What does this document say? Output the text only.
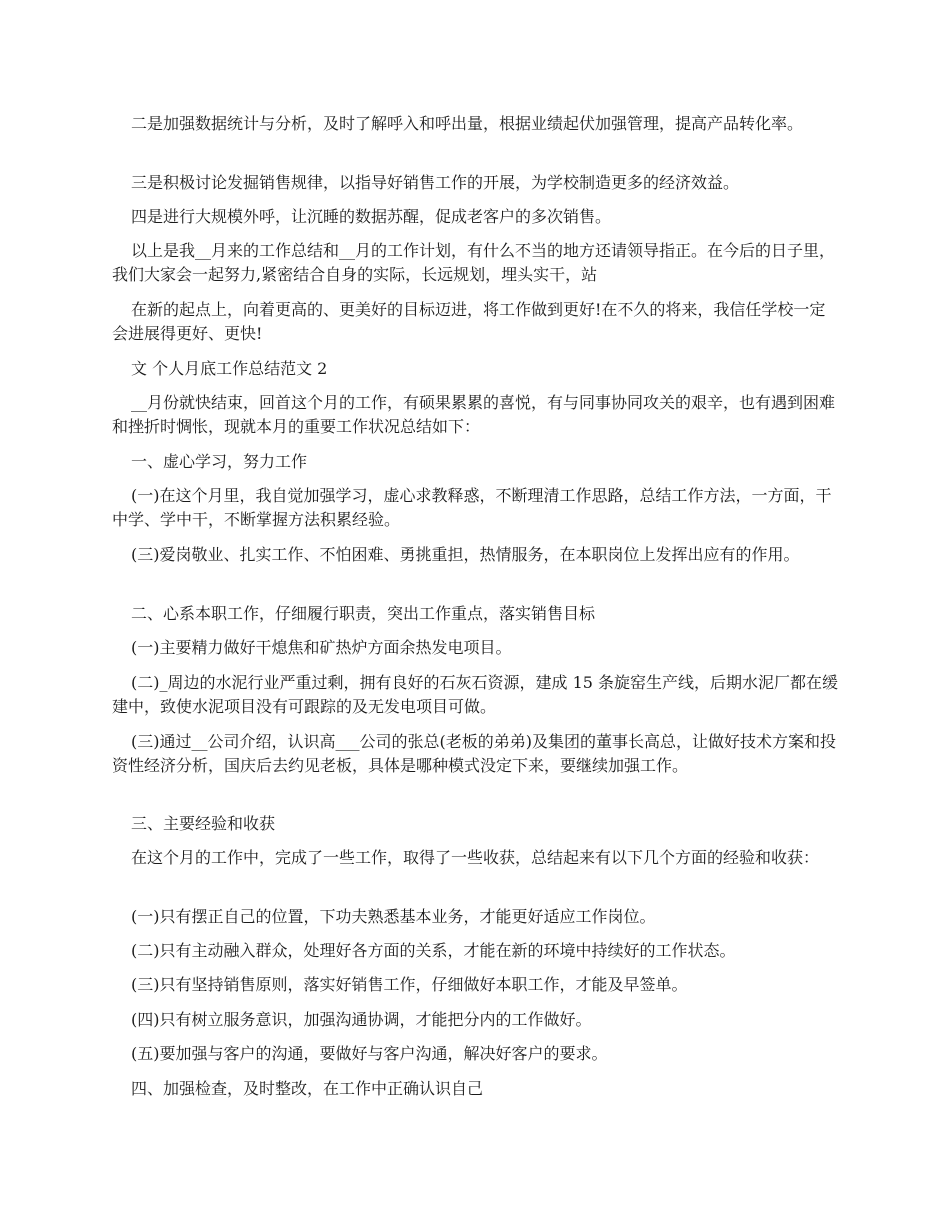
二是加强数据统计与分析，及时了解呼入和呼出量，根据业绩起伏加强管理，提高产品转化率。

三是积极讨论发掘销售规律，以指导好销售工作的开展，为学校制造更多的经济效益。

四是进行大规模外呼，让沉睡的数据苏醒，促成老客户的多次销售。

以上是我__月来的工作总结和__月的工作计划，有什么不当的地方还请领导指正。在今后的日子里，我们大家会一起努力,紧密结合自身的实际，长远规划，埋头实干，站

在新的起点上，向着更高的、更美好的目标迈进，将工作做到更好!在不久的将来，我信任学校一定会进展得更好、更快!

文 个人月底工作总结范文 2

__月份就快结束，回首这个月的工作，有硕果累累的喜悦，有与同事协同攻关的艰辛，也有遇到困难和挫折时惆怅，现就本月的重要工作状况总结如下：

一、虚心学习，努力工作

(一)在这个月里，我自觉加强学习，虚心求教释惑，不断理清工作思路，总结工作方法，一方面，干中学、学中干，不断掌握方法积累经验。

(三)爱岗敬业、扎实工作、不怕困难、勇挑重担，热情服务，在本职岗位上发挥出应有的作用。

二、心系本职工作，仔细履行职责，突出工作重点，落实销售目标

(一)主要精力做好干熄焦和矿热炉方面余热发电项目。

(二)_周边的水泥行业严重过剩，拥有良好的石灰石资源，建成 15 条旋窑生产线，后期水泥厂都在缓建中，致使水泥项目没有可跟踪的及无发电项目可做。

(三)通过__公司介绍，认识高___公司的张总(老板的弟弟)及集团的董事长高总，让做好技术方案和投资性经济分析，国庆后去约见老板，具体是哪种模式没定下来，要继续加强工作。

三、主要经验和收获

在这个月的工作中，完成了一些工作，取得了一些收获，总结起来有以下几个方面的经验和收获：

(一)只有摆正自己的位置，下功夫熟悉基本业务，才能更好适应工作岗位。

(二)只有主动融入群众，处理好各方面的关系，才能在新的环境中持续好的工作状态。

(三)只有坚持销售原则，落实好销售工作，仔细做好本职工作，才能及早签单。

(四)只有树立服务意识，加强沟通协调，才能把分内的工作做好。

(五)要加强与客户的沟通，要做好与客户沟通，解决好客户的要求。

四、加强检查，及时整改，在工作中正确认识自己
